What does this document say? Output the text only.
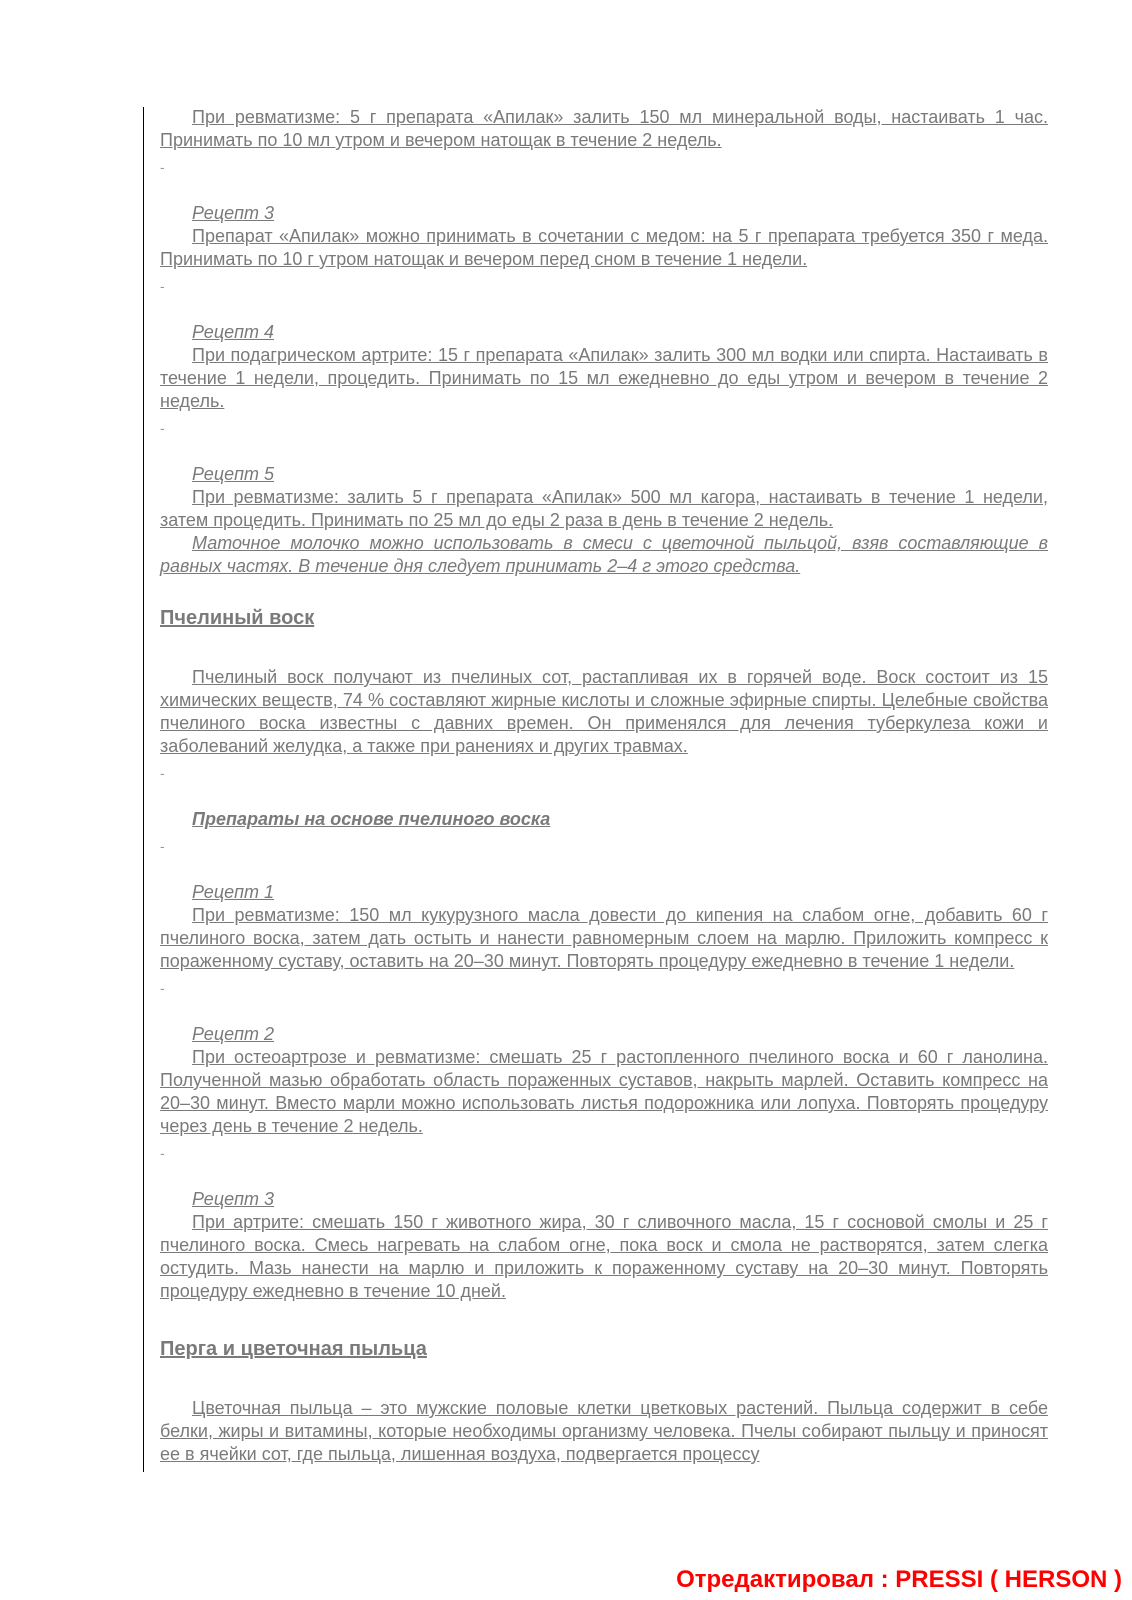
При ревматизме: 5 г препарата «Апилак» залить 150 мл минеральной воды, настаивать 1 час. Принимать по 10 мл утром и вечером натощак в течение 2 недель.

-

Рецепт 3

Препарат «Апилак» можно принимать в сочетании с медом: на 5 г препарата требуется 350 г меда. Принимать по 10 г утром натощак и вечером перед сном в течение 1 недели.

-

Рецепт 4

При подагрическом артрите: 15 г препарата «Апилак» залить 300 мл водки или спирта. Настаивать в течение 1 недели, процедить. Принимать по 15 мл ежедневно до еды утром и вечером в течение 2 недель.

-

Рецепт 5

При ревматизме: залить 5 г препарата «Апилак» 500 мл кагора, настаивать в течение 1 недели, затем процедить. Принимать по 25 мл до еды 2 раза в день в течение 2 недель.

Маточное молочко можно использовать в смеси с цветочной пыльцой, взяв составляющие в равных частях. В течение дня следует принимать 2–4 г этого средства.

Пчелиный воск

Пчелиный воск получают из пчелиных сот, растапливая их в горячей воде. Воск состоит из 15 химических веществ, 74 % составляют жирные кислоты и сложные эфирные спирты. Целебные свойства пчелиного воска известны с давних времен. Он применялся для лечения туберкулеза кожи и заболеваний желудка, а также при ранениях и других травмах.

-
Препараты на основе пчелиного воска
-

Рецепт 1

При ревматизме: 150 мл кукурузного масла довести до кипения на слабом огне, добавить 60 г пчелиного воска, затем дать остыть и нанести равномерным слоем на марлю. Приложить компресс к пораженному суставу, оставить на 20–30 минут. Повторять процедуру ежедневно в течение 1 недели.

-

Рецепт 2

При остеоартрозе и ревматизме: смешать 25 г растопленного пчелиного воска и 60 г ланолина. Полученной мазью обработать область пораженных суставов, накрыть марлей. Оставить компресс на 20–30 минут. Вместо марли можно использовать листья подорожника или лопуха. Повторять процедуру через день в течение 2 недель.

-

Рецепт 3

При артрите: смешать 150 г животного жира, 30 г сливочного масла, 15 г сосновой смолы и 25 г пчелиного воска. Смесь нагревать на слабом огне, пока воск и смола не растворятся, затем слегка остудить. Мазь нанести на марлю и приложить к пораженному суставу на 20–30 минут. Повторять процедуру ежедневно в течение 10 дней.

Перга и цветочная пыльца

Цветочная пыльца – это мужские половые клетки цветковых растений. Пыльца содержит в себе белки, жиры и витамины, которые необходимы организму человека. Пчелы собирают пыльцу и приносят ее в ячейки сот, где пыльца, лишенная воздуха, подвергается процессу

Отредактировал : PRESSI ( HERSON )
